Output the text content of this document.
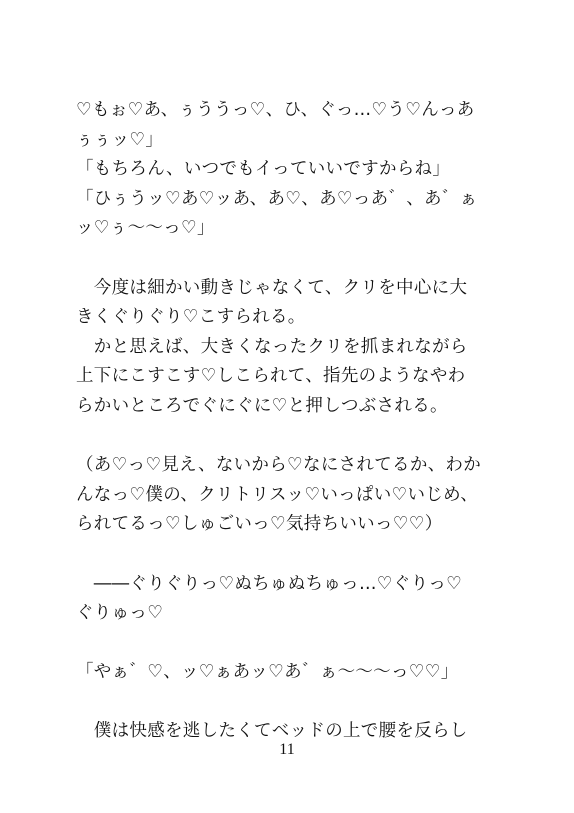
♡もぉ♡あ、ぅううっ♡、ひ、ぐっ…♡う♡んっあ
ぅぅッ♡」
「もちろん、いつでもイっていいですからね」
「ひぅうッ♡あ♡ッあ、あ♡、あ♡っあ゛、あ゛ぁ
ッ♡ぅ〜〜っ♡」
　今度は細かい動きじゃなくて、クリを中心に大
きくぐりぐり♡こすられる。
　かと思えば、大きくなったクリを抓まれながら
上下にこすこす♡しこられて、指先のようなやわ
らかいところでぐにぐに♡と押しつぶされる。
（あ♡っ♡見え、ないから♡なにされてるか、わか
んなっ♡僕の、クリトリスッ♡いっぱい♡いじめ、
られてるっ♡しゅごいっ♡気持ちいいっ♡♡）
　――ぐりぐりっ♡ぬちゅぬちゅっ…♡ぐりっ♡
ぐりゅっ♡
「やぁ゛♡、ッ♡ぁあッ♡あ゛ぁ〜〜〜っ♡♡」
　僕は快感を逃したくてベッドの上で腰を反らし
11
